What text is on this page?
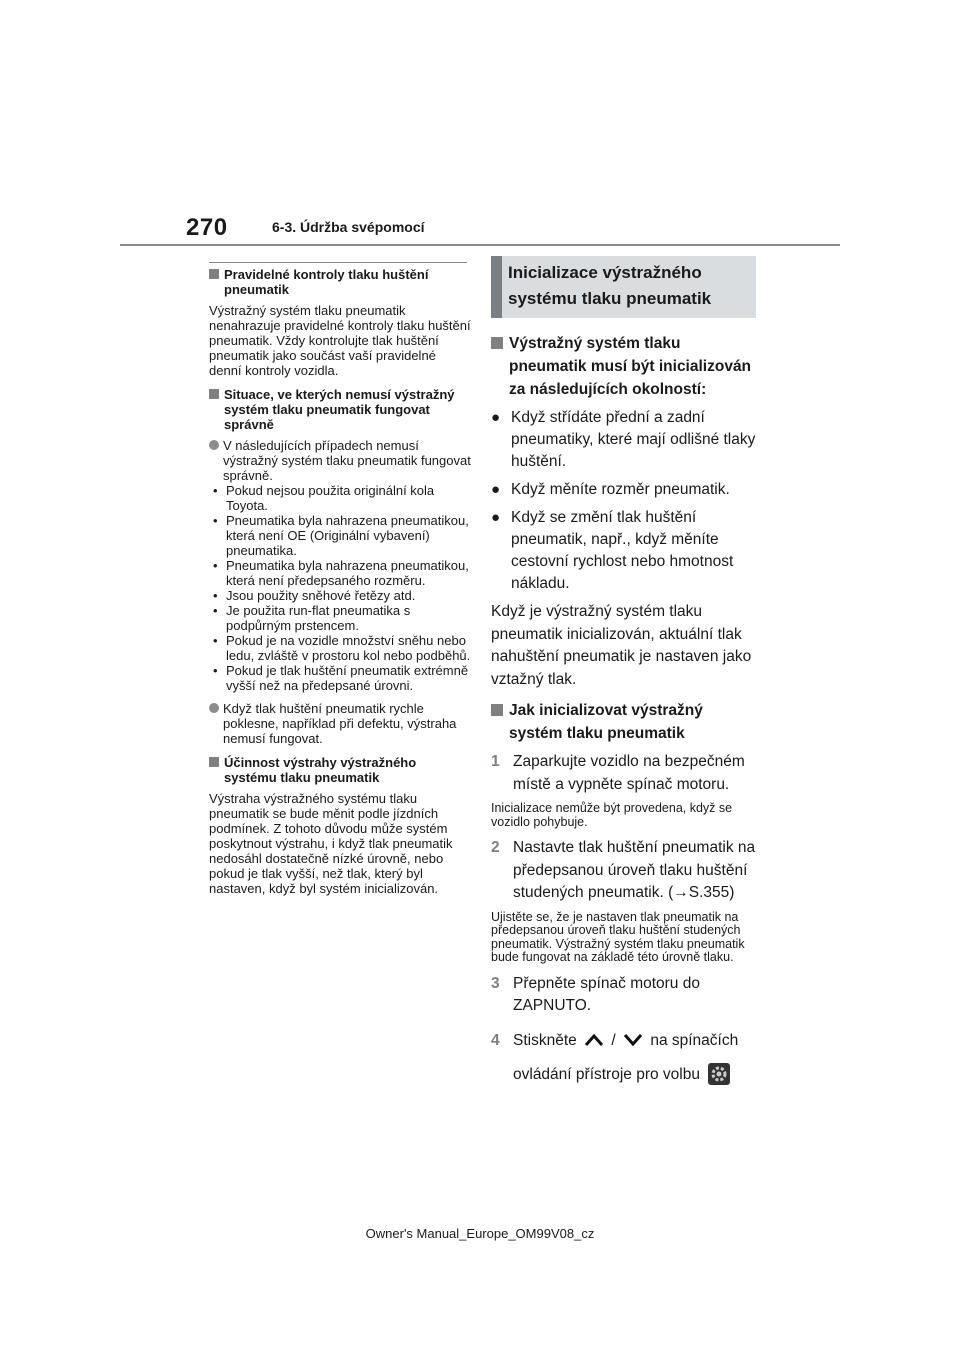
270	6-3. Údržba svépomocí
Pravidelné kontroly tlaku huštění pneumatik

Výstražný systém tlaku pneumatik nenahrazuje pravidelné kontroly tlaku huštění pneumatik. Vždy kontrolujte tlak huštění pneumatik jako součást vaší pravidelné denní kontroly vozidla.

Situace, ve kterých nemusí výstražný systém tlaku pneumatik fungovat správně
V následujících případech nemusí výstražný systém tlaku pneumatik fungovat správně.
• Pokud nejsou použita originální kola Toyota.
• Pneumatika byla nahrazena pneumatikou, která není OE (Originální vybavení) pneumatika.
• Pneumatika byla nahrazena pneumatikou, která není předepsaného rozměru.
• Jsou použity sněhové řetězy atd.
• Je použita run-flat pneumatika s podpůrným prstencem.
• Pokud je na vozidle množství sněhu nebo ledu, zvláště v prostoru kol nebo podběhů.
• Pokud je tlak huštění pneumatik extrémně vyšší než na předepsané úrovni.
Když tlak huštění pneumatik rychle poklesne, například při defektu, výstraha nemusí fungovat.
Účinnost výstrahy výstražného systému tlaku pneumatik

Výstraha výstražného systému tlaku pneumatik se bude měnit podle jízdních podmínek. Z tohoto důvodu může systém poskytnout výstrahu, i když tlak pneumatik nedosáhl dostatečně nízké úrovně, nebo pokud je tlak vyšší, než tlak, který byl nastaven, když byl systém inicializován.

Inicializace výstražného systému tlaku pneumatik
Výstražný systém tlaku pneumatik musí být inicializován za následujících okolností:
● Když střídáte přední a zadní pneumatiky, které mají odlišné tlaky huštění.
● Když měníte rozměr pneumatik.
● Když se změní tlak huštění pneumatik, např., když měníte cestovní rychlost nebo hmotnost nákladu.

Když je výstražný systém tlaku pneumatik inicializován, aktuální tlak nahuštění pneumatik je nastaven jako vztažný tlak.

Jak inicializovat výstražný systém tlaku pneumatik
1 Zaparkujte vozidlo na bezpečném místě a vypněte spínač motoru.

Inicializace nemůže být provedena, když se vozidlo pohybuje.

2 Nastavte tlak huštění pneumatik na předepsanou úroveň tlaku huštění studených pneumatik. (→S.355)

Ujistěte se, že je nastaven tlak pneumatik na předepsanou úroveň tlaku huštění studených pneumatik. Výstražný systém tlaku pneumatik bude fungovat na základě této úrovně tlaku.

3 Přepněte spínač motoru do ZAPNUTO.
4 Stiskněte / na spínačích ovládání přístroje pro volbu
Owner's Manual_Europe_OM99V08_cz
